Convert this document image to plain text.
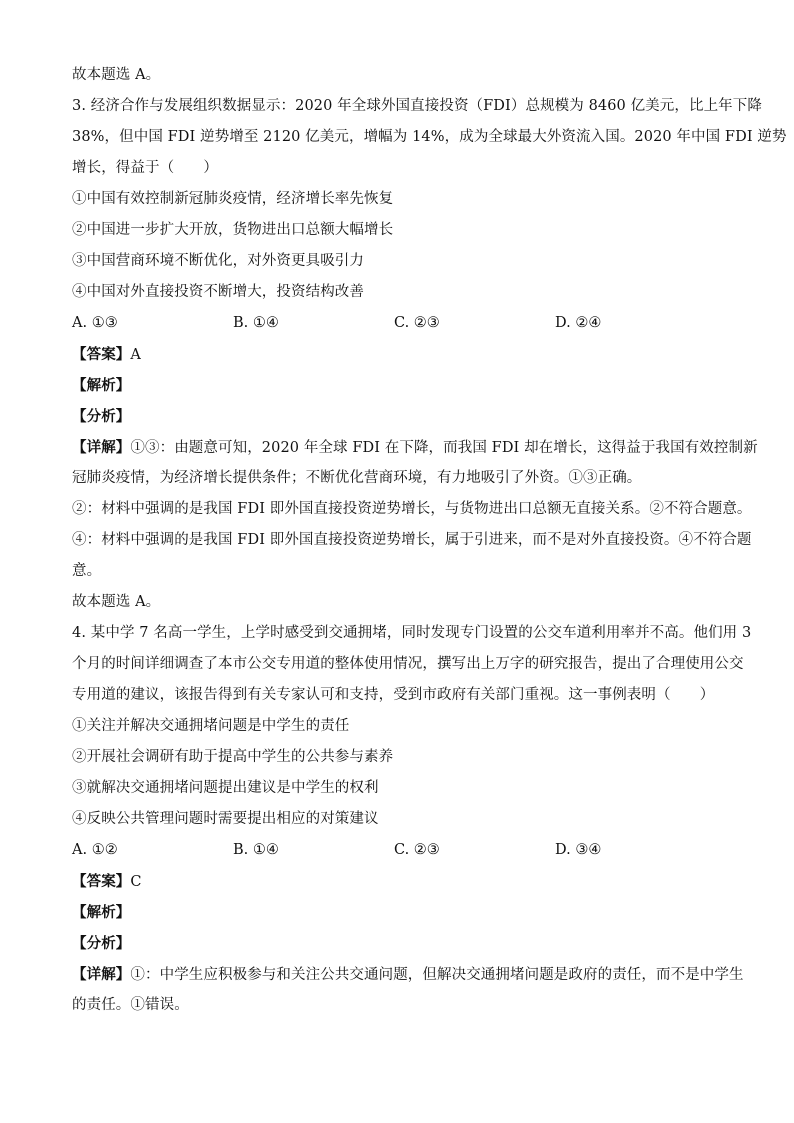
故本题选 A。
3. 经济合作与发展组织数据显示：2020 年全球外国直接投资（FDI）总规模为 8460 亿美元，比上年下降
38%，但中国 FDI 逆势增至 2120 亿美元，增幅为 14%，成为全球最大外资流入国。2020 年中国 FDI 逆势
增长，得益于（　　）
①中国有效控制新冠肺炎疫情，经济增长率先恢复
②中国进一步扩大开放，货物进出口总额大幅增长
③中国营商环境不断优化，对外资更具吸引力
④中国对外直接投资不断增大，投资结构改善
A. ①③	B. ①④	C. ②③	D. ②④
【答案】A
【解析】
【分析】
【详解】①③：由题意可知，2020 年全球 FDI 在下降，而我国 FDI 却在增长，这得益于我国有效控制新
冠肺炎疫情，为经济增长提供条件；不断优化营商环境，有力地吸引了外资。①③正确。
②：材料中强调的是我国 FDI 即外国直接投资逆势增长，与货物进出口总额无直接关系。②不符合题意。
④：材料中强调的是我国 FDI 即外国直接投资逆势增长，属于引进来，而不是对外直接投资。④不符合题
意。
故本题选 A。
4. 某中学 7 名高一学生，上学时感受到交通拥堵，同时发现专门设置的公交车道利用率并不高。他们用 3
个月的时间详细调查了本市公交专用道的整体使用情况，撰写出上万字的研究报告，提出了合理使用公交
专用道的建议，该报告得到有关专家认可和支持，受到市政府有关部门重视。这一事例表明（　　）
①关注并解决交通拥堵问题是中学生的责任
②开展社会调研有助于提高中学生的公共参与素养
③就解决交通拥堵问题提出建议是中学生的权利
④反映公共管理问题时需要提出相应的对策建议
A. ①②	B. ①④	C. ②③	D. ③④
【答案】C
【解析】
【分析】
【详解】①：中学生应积极参与和关注公共交通问题，但解决交通拥堵问题是政府的责任，而不是中学生
的责任。①错误。
